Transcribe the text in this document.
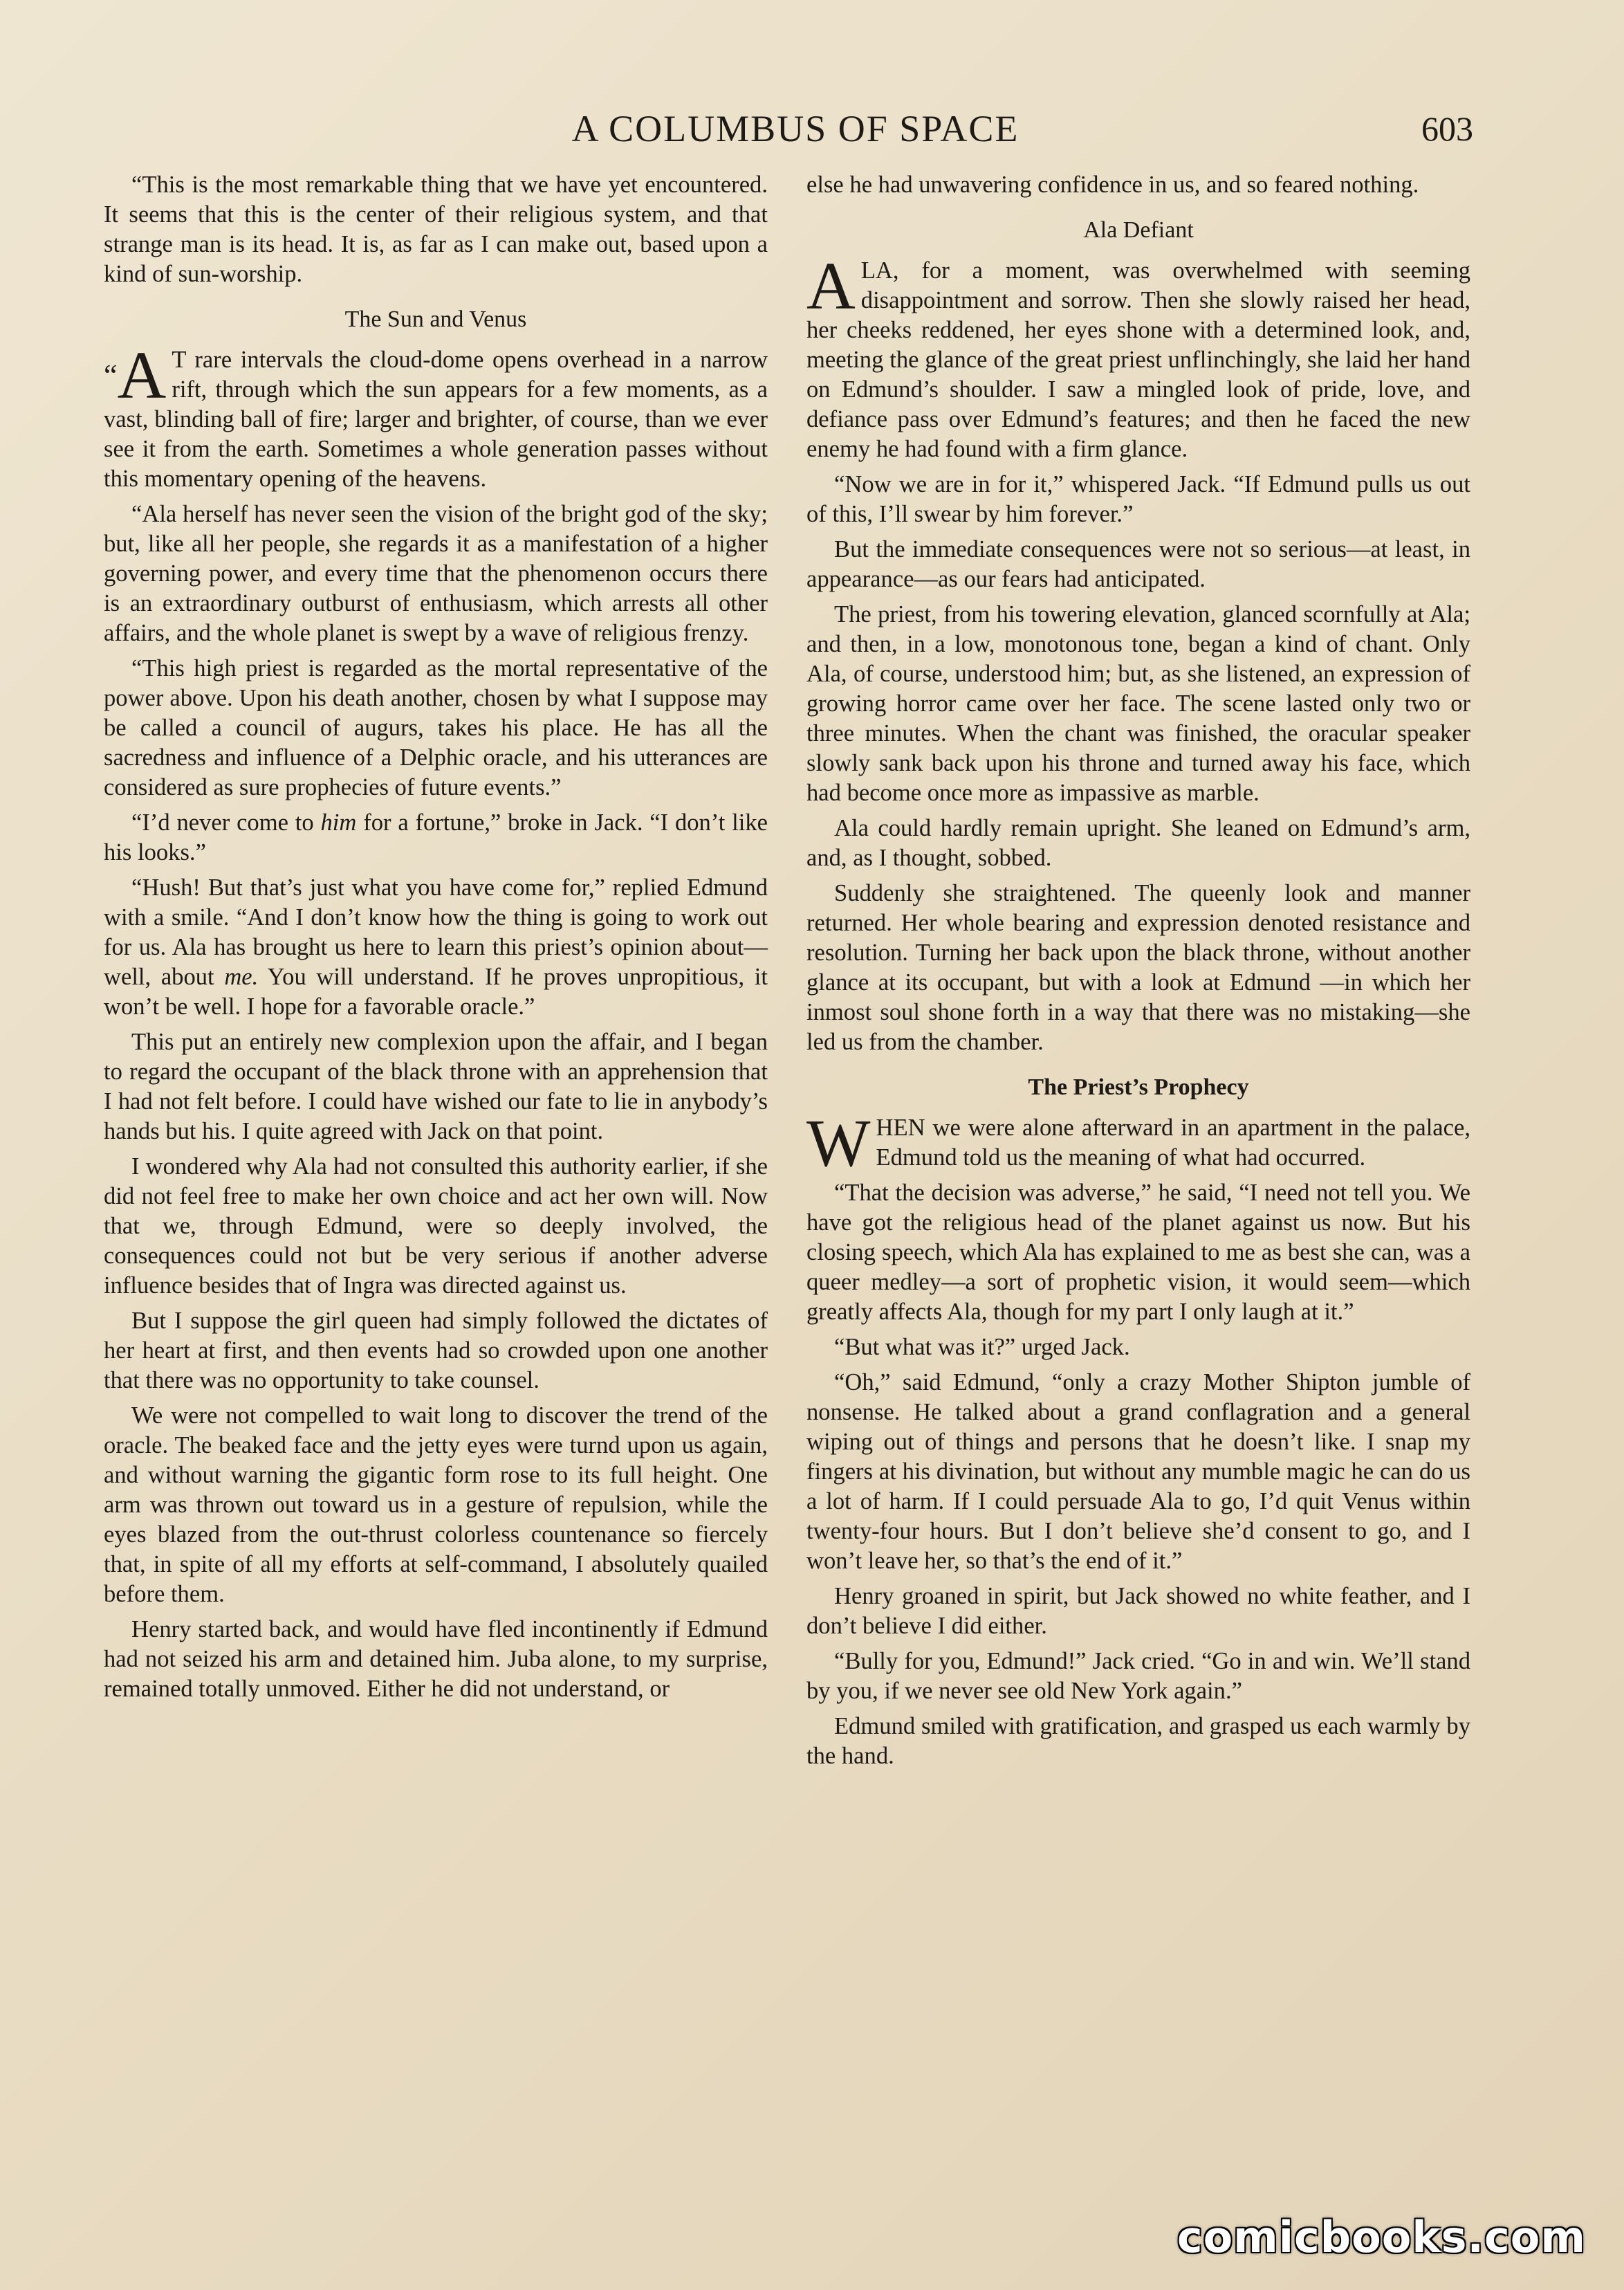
A COLUMBUS OF SPACE	603

“This is the most remarkable thing that we have yet encountered. It seems that this is the center of their religious system, and that strange man is its head. It is, as far as I can make out, based upon a kind of sun-worship.

The Sun and Venus

“A T rare intervals the cloud-dome opens overhead in a narrow rift, through which the sun appears for a few moments, as a vast, blinding ball of fire; larger and brighter, of course, than we ever see it from the earth. Sometimes a whole generation passes without this momentary opening of the heavens.

“Ala herself has never seen the vision of the bright god of the sky; but, like all her people, she regards it as a manifestation of a higher governing power, and every time that the phenomenon occurs there is an extraordinary outburst of enthusiasm, which arrests all other affairs, and the whole planet is swept by a wave of religious frenzy.

“This high priest is regarded as the mortal representative of the power above. Upon his death another, chosen by what I suppose may be called a council of augurs, takes his place. He has all the sacredness and influence of a Delphic oracle, and his utterances are considered as sure prophecies of future events.”

“I’d never come to him for a fortune,” broke in Jack. “I don’t like his looks.”

“Hush! But that’s just what you have come for,” replied Edmund with a smile. “And I don’t know how the thing is going to work out for us. Ala has brought us here to learn this priest’s opinion about—well, about me. You will understand. If he proves unpropitious, it won’t be well. I hope for a favorable oracle.”

This put an entirely new complexion upon the affair, and I began to regard the occupant of the black throne with an apprehension that I had not felt before. I could have wished our fate to lie in anybody’s hands but his. I quite agreed with Jack on that point.

I wondered why Ala had not consulted this authority earlier, if she did not feel free to make her own choice and act her own will. Now that we, through Edmund, were so deeply involved, the consequences could not but be very serious if another adverse influence besides that of Ingra was directed against us.

But I suppose the girl queen had simply followed the dictates of her heart at first, and then events had so crowded upon one another that there was no opportunity to take counsel.

We were not compelled to wait long to discover the trend of the oracle. The beaked face and the jetty eyes were turnd upon us again, and without warning the gigantic form rose to its full height. One arm was thrown out toward us in a gesture of repulsion, while the eyes blazed from the out-thrust colorless countenance so fiercely that, in spite of all my efforts at self-command, I absolutely quailed before them.

Henry started back, and would have fled incontinently if Edmund had not seized his arm and detained him. Juba alone, to my surprise, remained totally unmoved. Either he did not understand, or

else he had unwavering confidence in us, and so feared nothing.

Ala Defiant

ALA, for a moment, was overwhelmed with seeming disappointment and sorrow. Then she slowly raised her head, her cheeks reddened, her eyes shone with a determined look, and, meeting the glance of the great priest unflinchingly, she laid her hand on Edmund’s shoulder. I saw a mingled look of pride, love, and defiance pass over Edmund’s features; and then he faced the new enemy he had found with a firm glance.

“Now we are in for it,” whispered Jack. “If Edmund pulls us out of this, I’ll swear by him forever.”

But the immediate consequences were not so serious—at least, in appearance—as our fears had anticipated.

The priest, from his towering elevation, glanced scornfully at Ala; and then, in a low, monotonous tone, began a kind of chant. Only Ala, of course, understood him; but, as she listened, an expression of growing horror came over her face. The scene lasted only two or three minutes. When the chant was finished, the oracular speaker slowly sank back upon his throne and turned away his face, which had become once more as impassive as marble.

Ala could hardly remain upright. She leaned on Edmund’s arm, and, as I thought, sobbed.

Suddenly she straightened. The queenly look and manner returned. Her whole bearing and expression denoted resistance and resolution. Turning her back upon the black throne, without another glance at its occupant, but with a look at Edmund —in which her inmost soul shone forth in a way that there was no mistaking—she led us from the chamber.

The Priest’s Prophecy

WHEN we were alone afterward in an apartment in the palace, Edmund told us the meaning of what had occurred.

“That the decision was adverse,” he said, “I need not tell you. We have got the religious head of the planet against us now. But his closing speech, which Ala has explained to me as best she can, was a queer medley—a sort of prophetic vision, it would seem—which greatly affects Ala, though for my part I only laugh at it.”

“But what was it?” urged Jack.

“Oh,” said Edmund, “only a crazy Mother Shipton jumble of nonsense. He talked about a grand conflagration and a general wiping out of things and persons that he doesn’t like. I snap my fingers at his divination, but without any mumble magic he can do us a lot of harm. If I could persuade Ala to go, I’d quit Venus within twenty-four hours. But I don’t believe she’d consent to go, and I won’t leave her, so that’s the end of it.”

Henry groaned in spirit, but Jack showed no white feather, and I don’t believe I did either.

“Bully for you, Edmund!” Jack cried. “Go in and win. We’ll stand by you, if we never see old New York again.”

Edmund smiled with gratification, and grasped us each warmly by the hand.

comicbooks.com
